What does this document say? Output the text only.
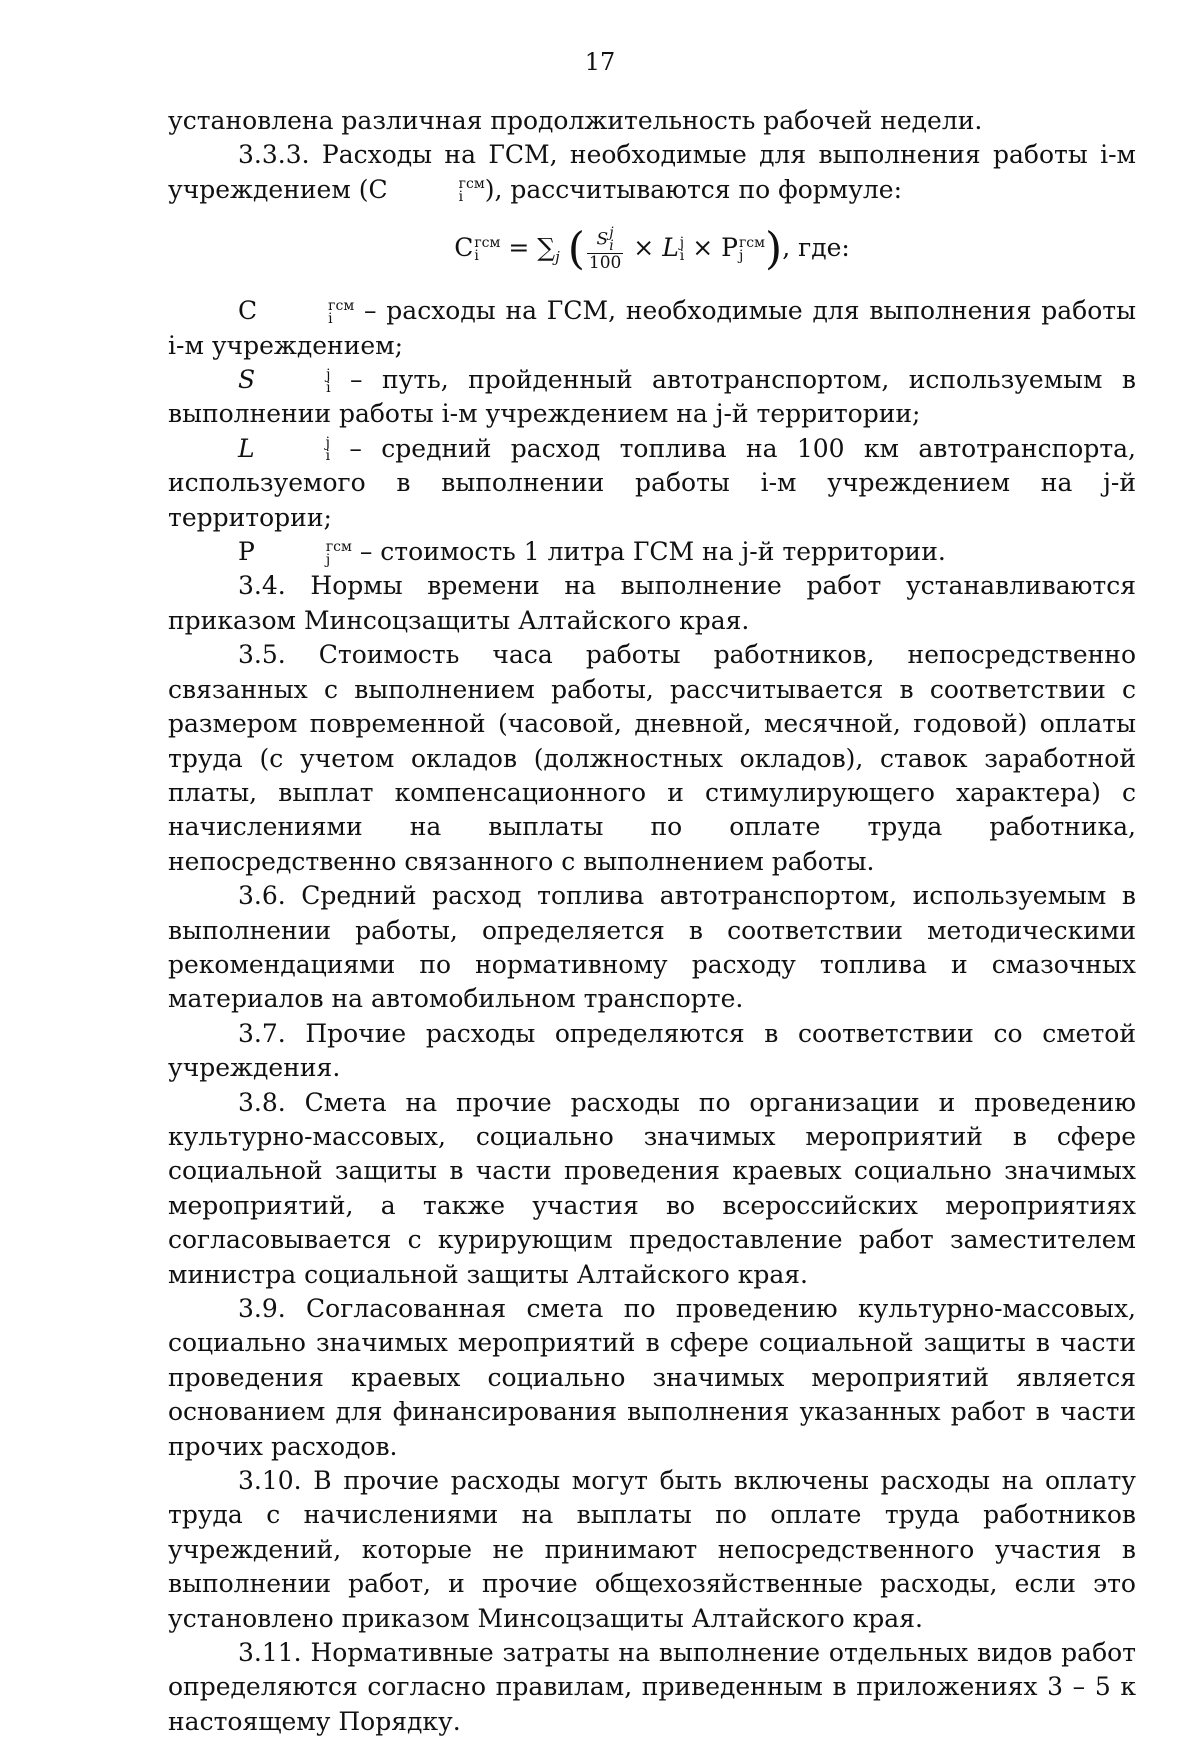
17

установлена различная продолжительность рабочей недели.

3.3.3. Расходы на ГСМ, необходимые для выполнения работы i-м учреждением (C	гсм
i ), рассчитываются по формуле:

C гсм
$i = \sum_j$ ( S j
i
100 × L j
i × P гсм
j ), где:

C	гсм
i – расходы на ГСМ, необходимые для выполнения работы i-м учреждением;

S	j
i – путь, пройденный автотранспортом, используемым в выполнении работы i-м учреждением на j-й территории;

L	j
i – средний расход топлива на 100 км автотранспорта, используемого в выполнении работы i-м учреждением на j-й территории;

P	гсм
j – стоимость 1 литра ГСМ на j-й территории.

3.4. Нормы времени на выполнение работ устанавливаются приказом Минсоцзащиты Алтайского края.

3.5. Стоимость часа работы работников, непосредственно связанных с выполнением работы, рассчитывается в соответствии с размером повременной (часовой, дневной, месячной, годовой) оплаты труда (с учетом окладов (должностных окладов), ставок заработной платы, выплат компенсационного и стимулирующего характера) с начислениями на выплаты по оплате труда работника, непосредственно связанного с выполнением работы.

3.6. Средний расход топлива автотранспортом, используемым в выполнении работы, определяется в соответствии методическими рекомендациями по нормативному расходу топлива и смазочных материалов на автомобильном транспорте.

3.7. Прочие расходы определяются в соответствии со сметой учреждения.

3.8. Смета на прочие расходы по организации и проведению культурно-массовых, социально значимых мероприятий в сфере социальной защиты в части проведения краевых социально значимых мероприятий, а также участия во всероссийских мероприятиях согласовывается с курирующим предоставление работ заместителем министра социальной защиты Алтайского края.

3.9. Согласованная смета по проведению культурно-массовых, социально значимых мероприятий в сфере социальной защиты в части проведения краевых социально значимых мероприятий является основанием для финансирования выполнения указанных работ в части прочих расходов.

3.10. В прочие расходы могут быть включены расходы на оплату труда с начислениями на выплаты по оплате труда работников учреждений, которые не принимают непосредственного участия в выполнении работ, и прочие общехозяйственные расходы, если это установлено приказом Минсоцзащиты Алтайского края.

3.11. Нормативные затраты на выполнение отдельных видов работ определяются согласно правилам, приведенным в приложениях 3 – 5 к настоящему Порядку.
